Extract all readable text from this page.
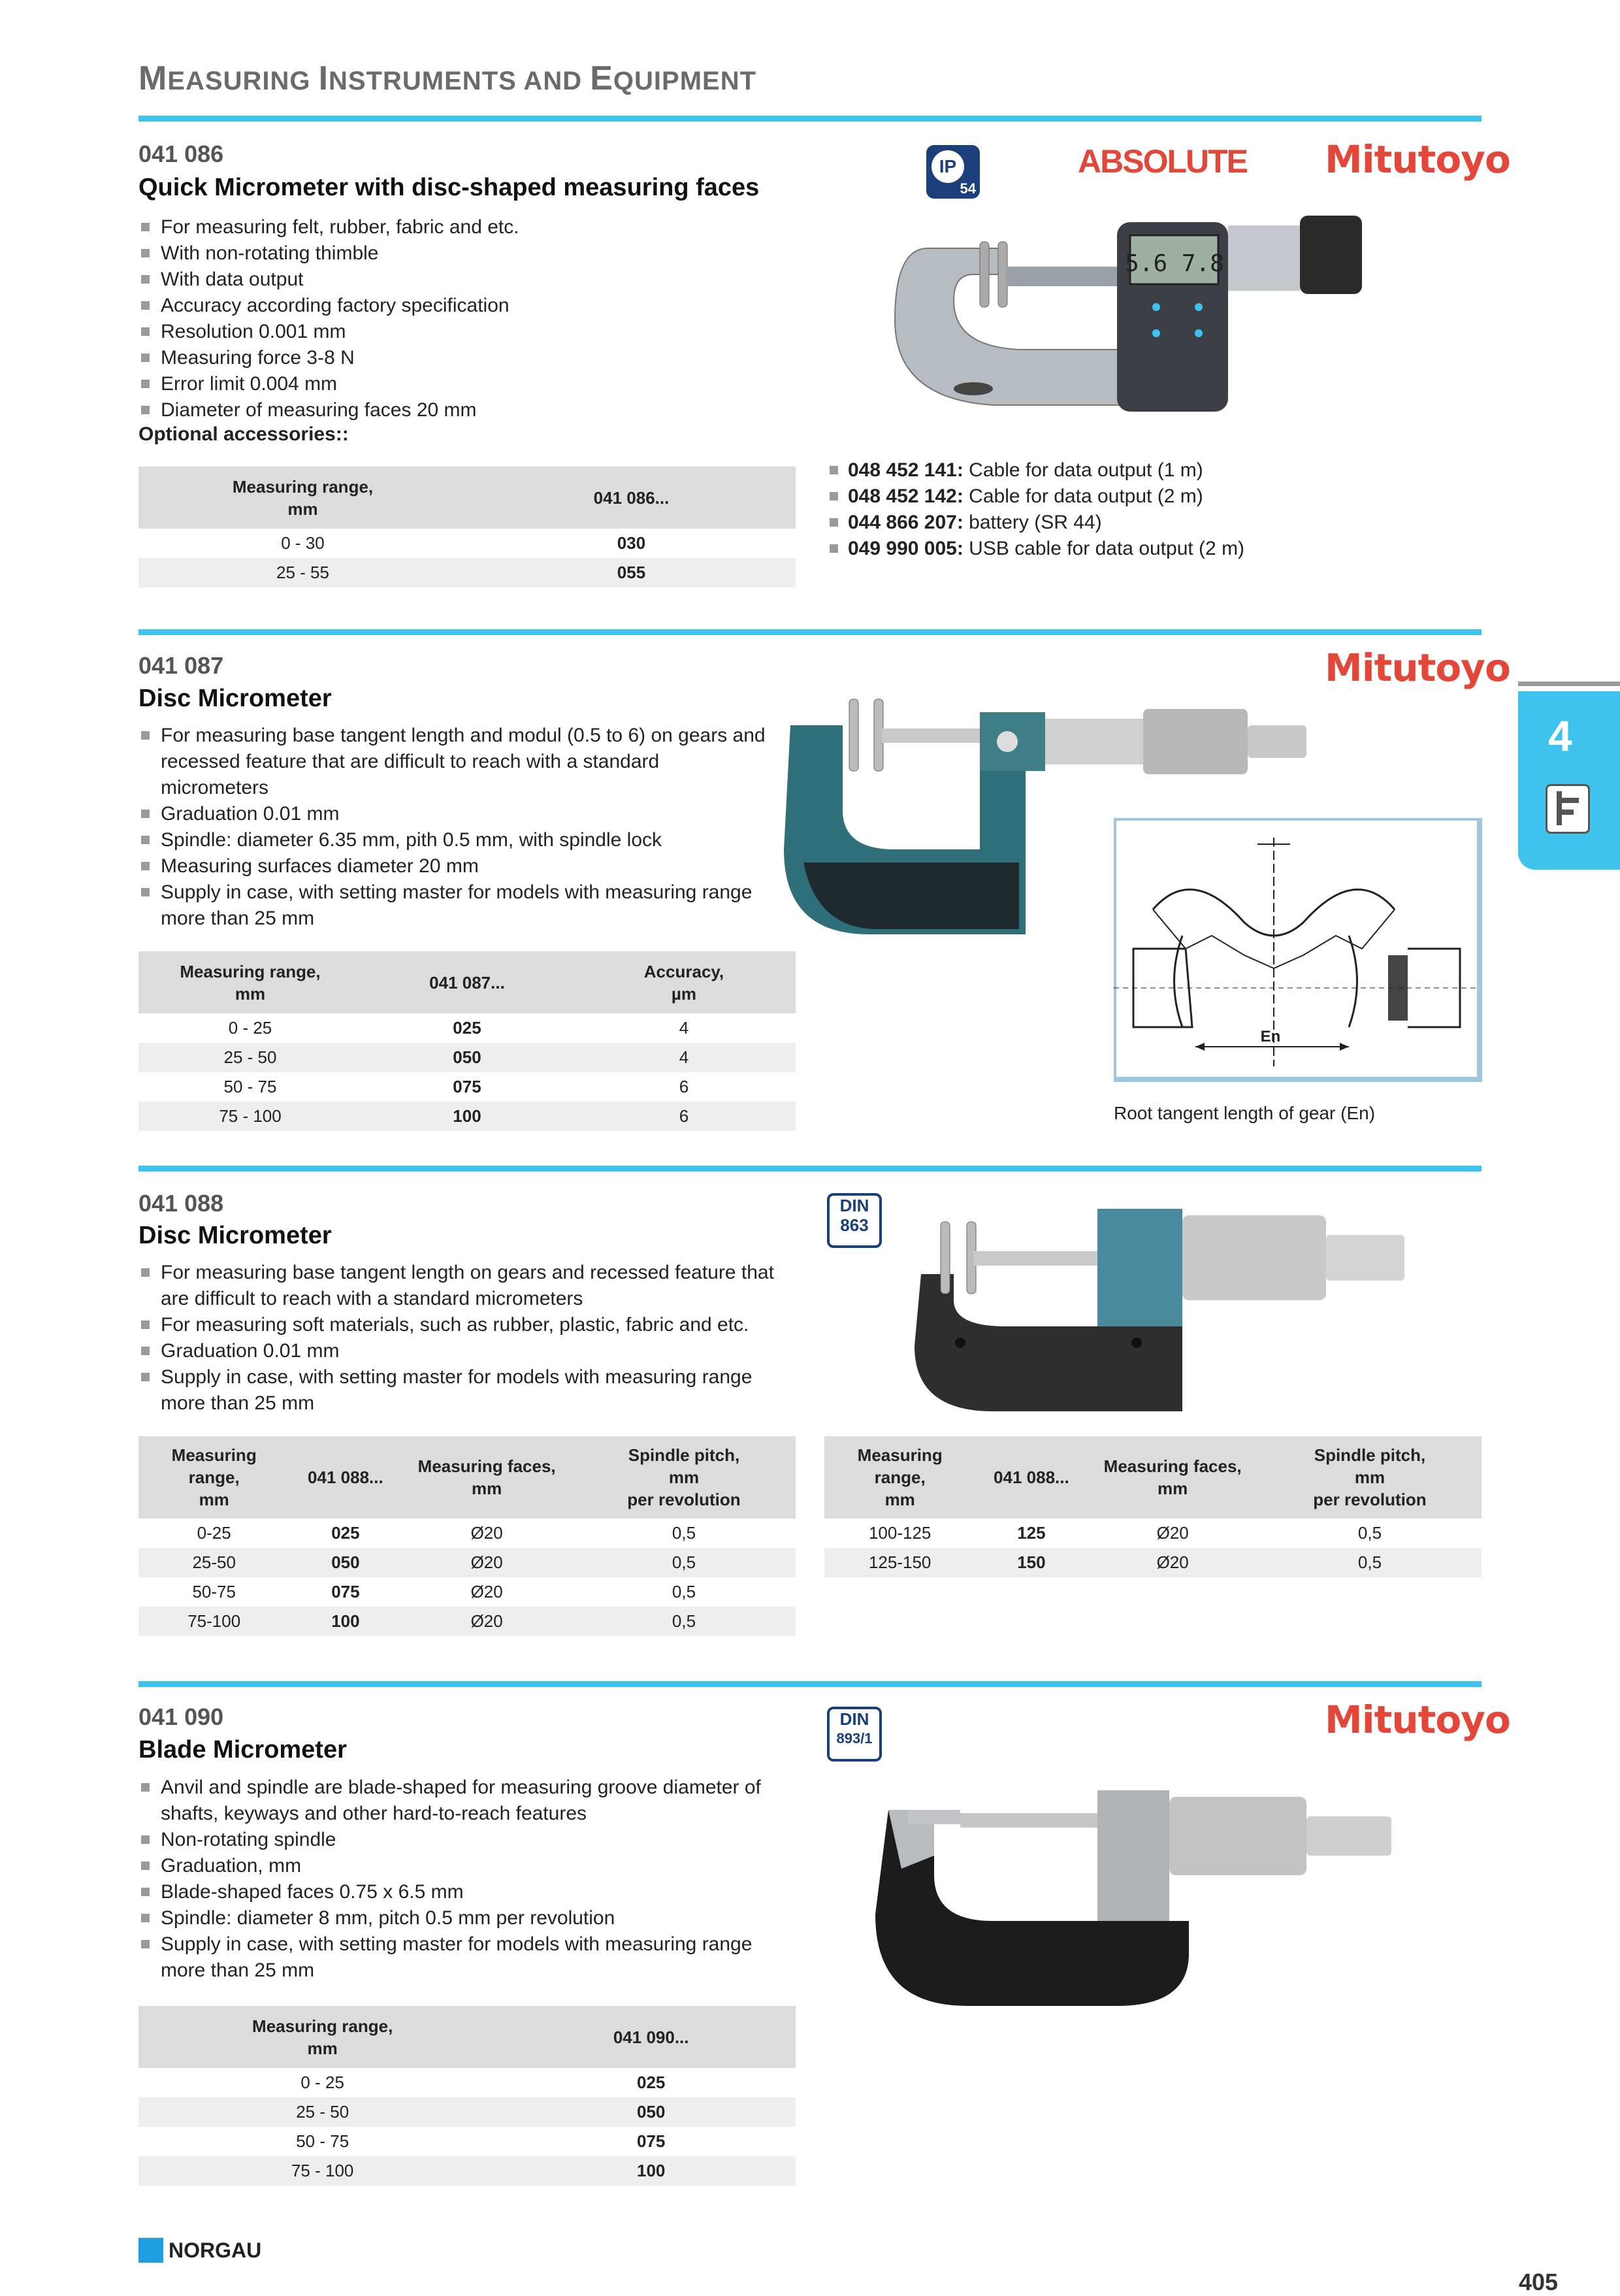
MEASURING INSTRUMENTS AND EQUIPMENT
4
041 086
Quick Micrometer with disc-shaped measuring faces
For measuring felt, rubber, fabric and etc.
With non-rotating thimble
With data output
Accuracy according factory specification
Resolution 0.001 mm
Measuring force 3-8 N
Error limit 0.004 mm
Diameter of measuring faces 20 mm
Optional accessories::
Measuring range,
mm	041 086...
0 - 30	030
25 - 55	055
048 452 141: Cable for data output (1 m)
048 452 142: Cable for data output (2 m)
044 866 207: battery (SR 44)
049 990 005: USB cable for data output (2 m)
IP
54
ABSOLUTE Mitutoyo
5.6 7.8
041 087
Disc Micrometer
Mitutoyo
For measuring base tangent length and modul (0.5 to 6) on gears and recessed feature that are difficult to reach with a standard micrometers
Graduation 0.01 mm
Spindle: diameter 6.35 mm, pith 0.5 mm, with spindle lock
Measuring surfaces diameter 20 mm
Supply in case, with setting master for models with measuring range more than 25 mm
Measuring range,
mm	041 087...	Accuracy,
µm
0 - 25	025	4
25 - 50	050	4
50 - 75	075	6
75 - 100	100	6
En
Root tangent length of gear (En)
041 088
Disc Micrometer
DIN
863
For measuring base tangent length on gears and recessed feature that are difficult to reach with a standard micrometers
For measuring soft materials, such as rubber, plastic, fabric and etc.
Graduation 0.01 mm
Supply in case, with setting master for models with measuring range more than 25 mm
Measuring
range,
mm	041 088...	Measuring faces,
mm	Spindle pitch,
mm
per revolution
0-25	025	Ø20	0,5
25-50	050	Ø20	0,5
50-75	075	Ø20	0,5
75-100	100	Ø20	0,5
Measuring
range,
mm	041 088...	Measuring faces,
mm	Spindle pitch,
mm
per revolution
100-125	125	Ø20	0,5
125-150	150	Ø20	0,5
041 090
Blade Micrometer
DIN
893/1	Mitutoyo
Anvil and spindle are blade-shaped for measuring groove diameter of shafts, keyways and other hard-to-reach features
Non-rotating spindle
Graduation, mm
Blade-shaped faces 0.75 x 6.5 mm
Spindle: diameter 8 mm, pitch 0.5 mm per revolution
Supply in case, with setting master for models with measuring range more than 25 mm
Measuring range,
mm	041 090...
0 - 25	025
25 - 50	050
50 - 75	075
75 - 100	100
NORGAU
405
